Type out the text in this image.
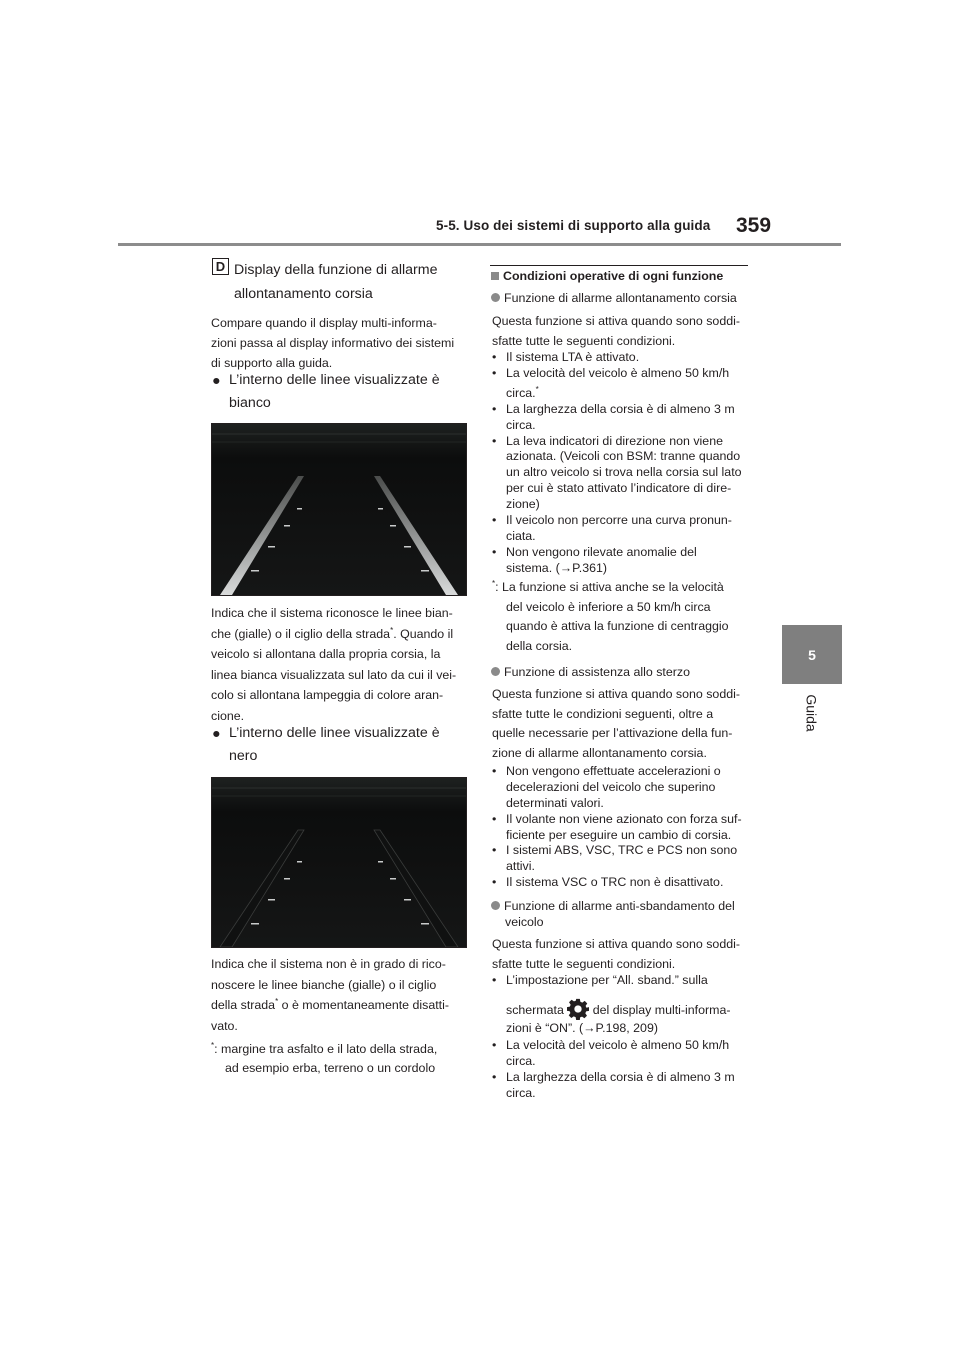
5-5. Uso dei sistemi di supporto alla guida 359
5
Guida
D Display della funzione di allarme
allontanamento corsia
Compare quando il display multi-informa-
zioni passa al display informativo dei sistemi
di supporto alla guida.
● L’interno delle linee visualizzate è
bianco
Indica che il sistema riconosce le linee bian-
che (gialle) o il ciglio della strada*. Quando il
veicolo si allontana dalla propria corsia, la
linea bianca visualizzata sul lato da cui il vei-
colo si allontana lampeggia di colore aran-
cione.
● L’interno delle linee visualizzate è
nero
Indica che il sistema non è in grado di rico-
noscere le linee bianche (gialle) o il ciglio
della strada* o è momentaneamente disatti-
vato.
*: margine tra asfalto e il lato della strada,
ad esempio erba, terreno o un cordolo
Condizioni operative di ogni funzione
Funzione di allarme allontanamento corsia
Questa funzione si attiva quando sono soddi-
sfatte tutte le seguenti condizioni.
• Il sistema LTA è attivato.
• La velocità del veicolo è almeno 50 km/h
circa.*
• La larghezza della corsia è di almeno 3 m
circa.
• La leva indicatori di direzione non viene
azionata. (Veicoli con BSM: tranne quando
un altro veicolo si trova nella corsia sul lato
per cui è stato attivato l’indicatore di dire-
zione)
• Il veicolo non percorre una curva pronun-
ciata.
• Non vengono rilevate anomalie del
sistema. (→P.361)
*: La funzione si attiva anche se la velocità
del veicolo è inferiore a 50 km/h circa
quando è attiva la funzione di centraggio
della corsia.
Funzione di assistenza allo sterzo
Questa funzione si attiva quando sono soddi-
sfatte tutte le condizioni seguenti, oltre a
quelle necessarie per l’attivazione della fun-
zione di allarme allontanamento corsia.
• Non vengono effettuate accelerazioni o
decelerazioni del veicolo che superino
determinati valori.
• Il volante non viene azionato con forza suf-
ficiente per eseguire un cambio di corsia.
• I sistemi ABS, VSC, TRC e PCS non sono
attivi.
• Il sistema VSC o TRC non è disattivato.
Funzione di allarme anti-sbandamento del
veicolo
Questa funzione si attiva quando sono soddi-
sfatte tutte le seguenti condizioni.
• L’impostazione per “All. sband.” sulla
schermata del display multi-informa-
zioni è “ON”. (→P.198, 209)
• La velocità del veicolo è almeno 50 km/h
circa.
• La larghezza della corsia è di almeno 3 m
circa.
